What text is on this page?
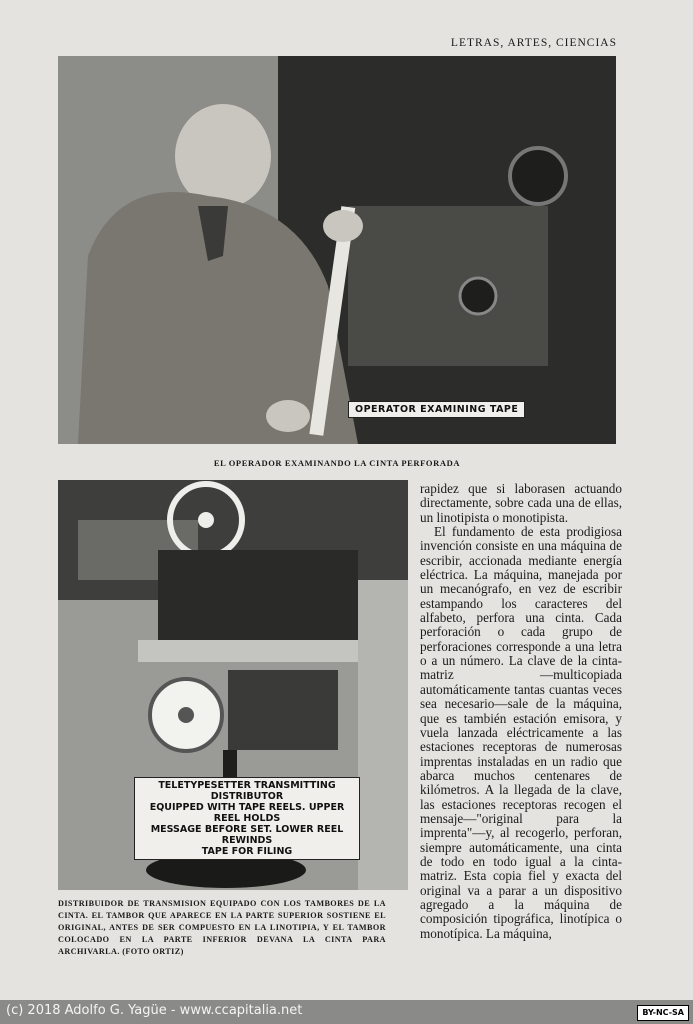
LETRAS, ARTES, CIENCIAS
OPERATOR EXAMINING TAPE
EL OPERADOR EXAMINANDO LA CINTA PERFORADA
TELETYPESETTER TRANSMITTING DISTRIBUTOR
EQUIPPED WITH TAPE REELS. UPPER REEL HOLDS
MESSAGE BEFORE SET. LOWER REEL REWINDS
TAPE FOR FILING
DISTRIBUIDOR DE TRANSMISION EQUIPADO CON LOS TAMBORES DE LA CINTA. EL TAMBOR QUE APARECE EN LA PARTE SUPERIOR SOSTIENE EL ORIGINAL, ANTES DE SER COMPUESTO EN LA LINOTIPIA, Y EL TAMBOR COLOCADO EN LA PARTE INFERIOR DEVANA LA CINTA PARA ARCHIVARLA. (FOTO ORTIZ)

rapidez que si laborasen actuando directamente, sobre cada una de ellas, un linotipista o monotipista.

El fundamento de esta prodigiosa invención consiste en una máquina de escribir, accionada mediante energía eléctrica. La máquina, manejada por un mecanógrafo, en vez de escribir estampando los caracteres del alfabeto, perfora una cinta. Cada perforación o cada grupo de perforaciones corresponde a una letra o a un número. La clave de la cinta-matriz —multicopiada automáticamente tantas cuantas veces sea necesario—sale de la máquina, que es también estación emisora, y vuela lanzada eléctricamente a las estaciones receptoras de numerosas imprentas instaladas en un radio que abarca muchos centenares de kilómetros. A la llegada de la clave, las estaciones receptoras recogen el mensaje—"original para la imprenta"—y, al recogerlo, perforan, siempre automáticamente, una cinta de todo en todo igual a la cinta-matriz. Esta copia fiel y exacta del original va a parar a un dispositivo agregado a la máquina de composición tipográfica, linotípica o monotípica. La máquina,

(c) 2018 Adolfo G. Yagüe - www.ccapitalia.net	BY-NC-SA
